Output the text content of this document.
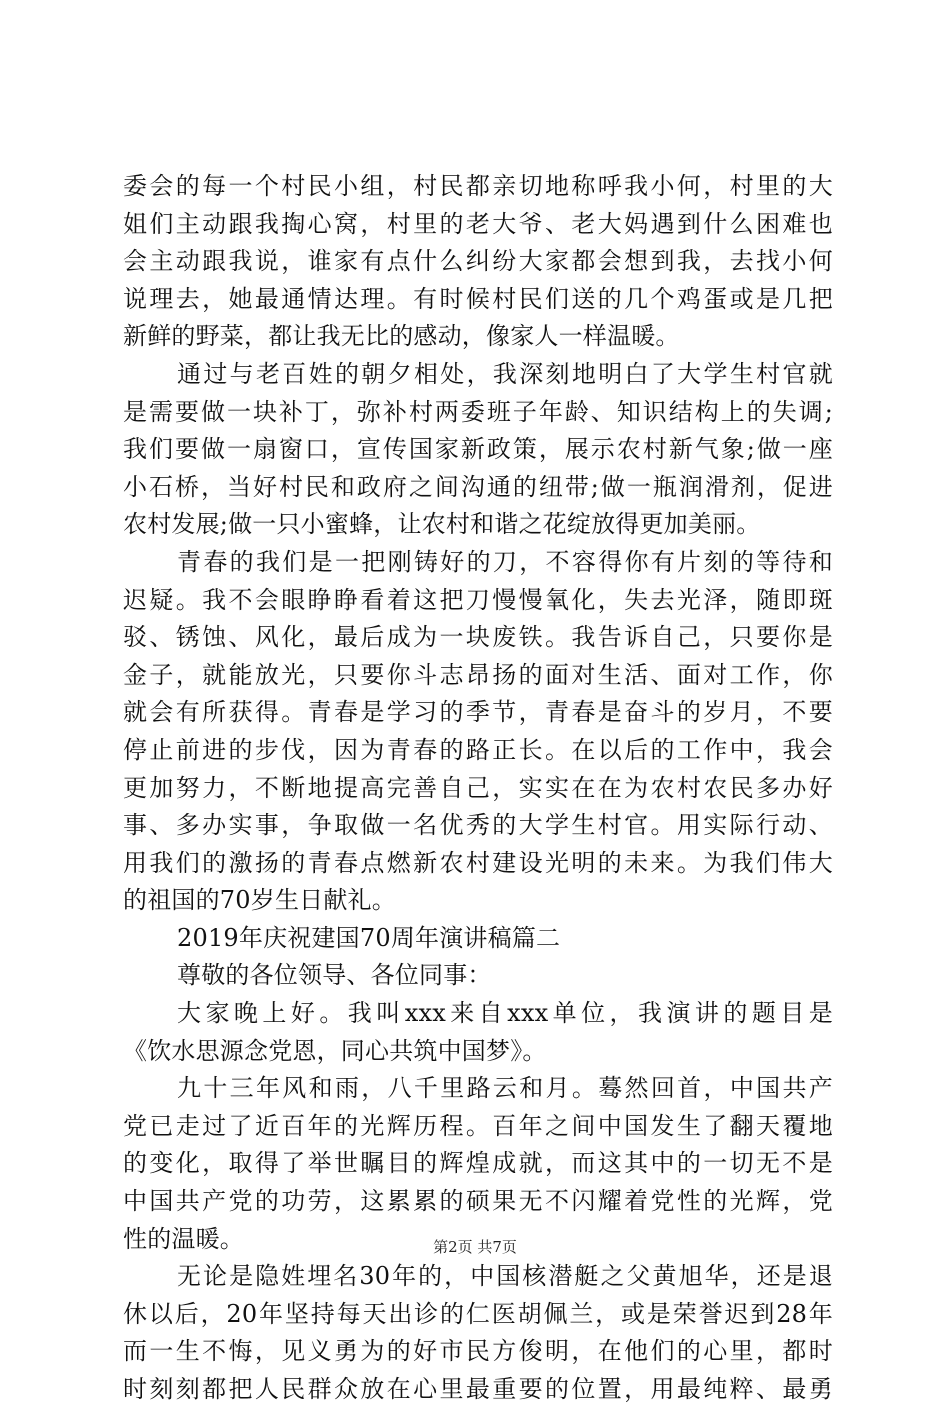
委会的每一个村民小组，村民都亲切地称呼我小何，村里的大
姐们主动跟我掏心窝，村里的老大爷、老大妈遇到什么困难也
会主动跟我说，谁家有点什么纠纷大家都会想到我，去找小何
说理去，她最通情达理。有时候村民们送的几个鸡蛋或是几把
新鲜的野菜，都让我无比的感动，像家人一样温暖。
通过与老百姓的朝夕相处，我深刻地明白了大学生村官就
是需要做一块补丁，弥补村两委班子年龄、知识结构上的失调;
我们要做一扇窗口，宣传国家新政策，展示农村新气象;做一座
小石桥，当好村民和政府之间沟通的纽带;做一瓶润滑剂，促进
农村发展;做一只小蜜蜂，让农村和谐之花绽放得更加美丽。
青春的我们是一把刚铸好的刀，不容得你有片刻的等待和
迟疑。我不会眼睁睁看着这把刀慢慢氧化，失去光泽，随即斑
驳、锈蚀、风化，最后成为一块废铁。我告诉自己，只要你是
金子，就能放光，只要你斗志昂扬的面对生活、面对工作，你
就会有所获得。青春是学习的季节，青春是奋斗的岁月，不要
停止前进的步伐，因为青春的路正长。在以后的工作中，我会
更加努力，不断地提高完善自己，实实在在为农村农民多办好
事、多办实事，争取做一名优秀的大学生村官。用实际行动、
用我们的激扬的青春点燃新农村建设光明的未来。为我们伟大
的祖国的70岁生日献礼。
2019年庆祝建国70周年演讲稿篇二
尊敬的各位领导、各位同事：
大家晚上好。我叫xxx来自xxx单位，我演讲的题目是
《饮水思源念党恩，同心共筑中国梦》。
九十三年风和雨，八千里路云和月。蓦然回首，中国共产
党已走过了近百年的光辉历程。百年之间中国发生了翻天覆地
的变化，取得了举世瞩目的辉煌成就，而这其中的一切无不是
中国共产党的功劳，这累累的硕果无不闪耀着党性的光辉，党
性的温暖。
无论是隐姓埋名30年的，中国核潜艇之父黄旭华，还是退
休以后，20年坚持每天出诊的仁医胡佩兰，或是荣誉迟到28年
而一生不悔，见义勇为的好市民方俊明，在他们的心里，都时
时刻刻都把人民群众放在心里最重要的位置，用最纯粹、最勇
第2页 共7页
